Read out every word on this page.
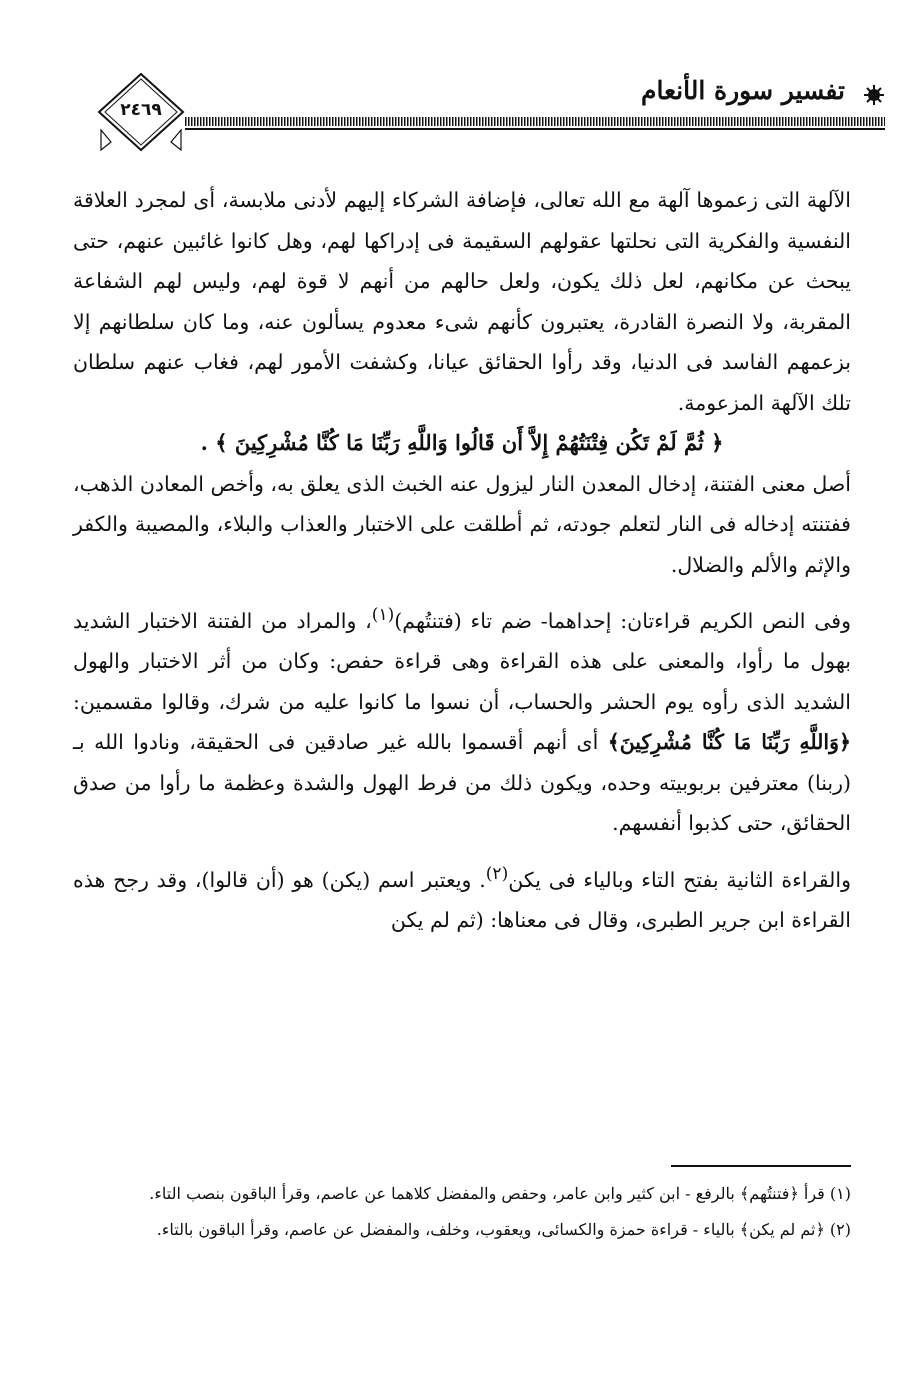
تفسير سورة الأنعام
٢٤٦٩

الآلهة التى زعموها آلهة مع الله تعالى، فإضافة الشركاء إليهم لأدنى ملابسة، أى لمجرد العلاقة النفسية والفكرية التى نحلتها عقولهم السقيمة فى إدراكها لهم، وهل كانوا غائبين عنهم، حتى يبحث عن مكانهم، لعل ذلك يكون، ولعل حالهم من أنهم لا قوة لهم، وليس لهم الشفاعة المقربة، ولا النصرة القادرة، يعتبرون كأنهم شىء معدوم يسألون عنه، وما كان سلطانهم إلا بزعمهم الفاسد فى الدنيا، وقد رأوا الحقائق عيانا، وكشفت الأمور لهم، فغاب عنهم سلطان تلك الآلهة المزعومة.

﴿ ثُمَّ لَمْ تَكُن فِتْنَتُهُمْ إِلاَّ أَن قَالُوا وَاللَّهِ رَبِّنَا مَا كُنَّا مُشْرِكِينَ ﴾ .

أصل معنى الفتنة، إدخال المعدن النار ليزول عنه الخبث الذى يعلق به، وأخص المعادن الذهب، ففتنته إدخاله فى النار لتعلم جودته، ثم أطلقت على الاختبار والعذاب والبلاء، والمصيبة والكفر والإثم والألم والضلال.

وفى النص الكريم قراءتان: إحداهما- ضم تاء (فتنتُهم)$^{(١)}$، والمراد من الفتنة الاختبار الشديد بهول ما رأوا، والمعنى على هذه القراءة وهى قراءة حفص: وكان من أثر الاختبار والهول الشديد الذى رأوه يوم الحشر والحساب، أن نسوا ما كانوا عليه من شرك، وقالوا مقسمين: ﴿وَاللَّهِ رَبِّنَا مَا كُنَّا مُشْرِكِينَ﴾ أى أنهم أقسموا بالله غير صادقين فى الحقيقة، ونادوا الله بـ (ربنا) معترفين بربوبيته وحده، ويكون ذلك من فرط الهول والشدة وعظمة ما رأوا من صدق الحقائق، حتى كذبوا أنفسهم.

والقراءة الثانية بفتح التاء وبالياء فى يكن$^{(٢)}$. ويعتبر اسم (يكن) هو (أن قالوا)، وقد رجح هذه القراءة ابن جرير الطبرى، وقال فى معناها: (ثم لم يكن

(١) قرأ ﴿فتنتُهم﴾ بالرفع - ابن كثير وابن عامر، وحفص والمفضل كلاهما عن عاصم، وقرأ الباقون بنصب التاء.

(٢) ﴿ثم لم يكن﴾ بالياء - قراءة حمزة والكسائى، ويعقوب، وخلف، والمفضل عن عاصم، وقرأ الباقون بالتاء.
